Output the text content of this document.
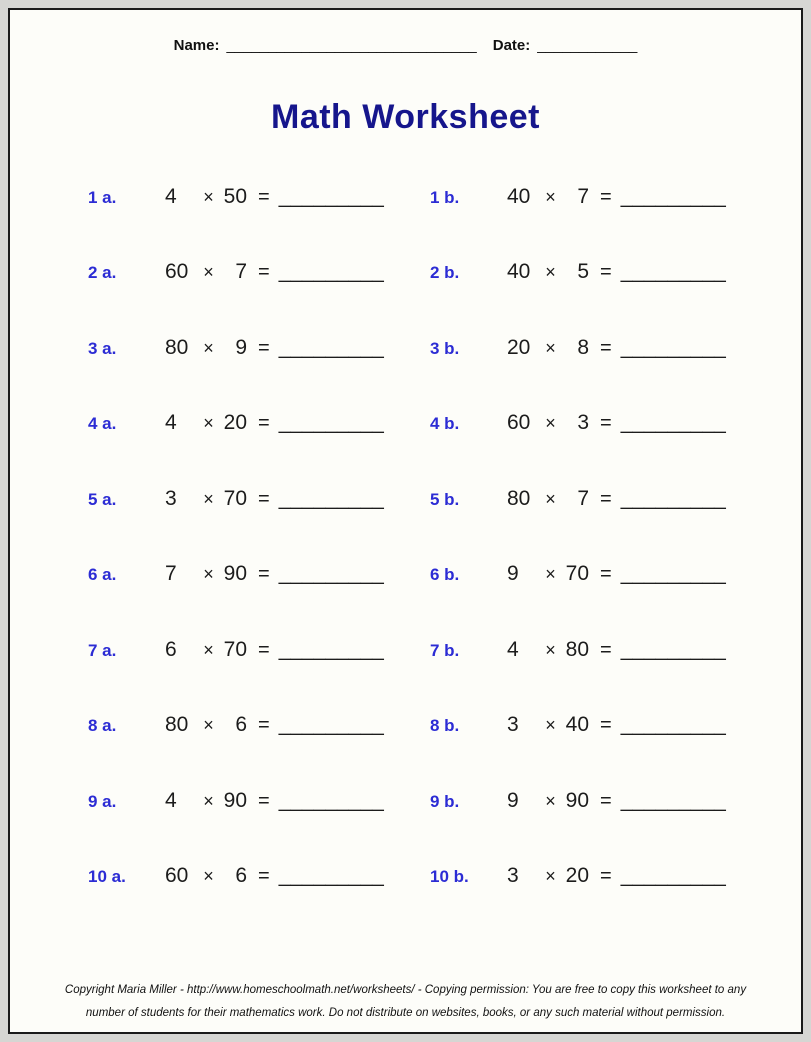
Name: ______________________________ Date: ____________
Math Worksheet
1 a.	4	× 50 = _________	1 b.	40 ×	7 = _________
2 a.	60 ×	7 = _________	2 b.	40 ×	5 = _________
3 a.	80 ×	9 = _________	3 b.	20 ×	8 = _________
4 a.	4	× 20 = _________	4 b.	60 ×	3 = _________
5 a.	3	× 70 = _________	5 b.	80 ×	7 = _________
6 a.	7	× 90 = _________	6 b.	9	× 70 = _________
7 a.	6	× 70 = _________	7 b.	4	× 80 = _________
8 a.	80 ×	6 = _________	8 b.	3	× 40 = _________
9 a.	4	× 90 = _________	9 b.	9	× 90 = _________
10 a.	60 ×	6 = _________	10 b.	3	× 20 = _________
Copyright Maria Miller - http://www.homeschoolmath.net/worksheets/ - Copying permission: You are free to copy this worksheet to any
number of students for their mathematics work. Do not distribute on websites, books, or any such material without permission.
